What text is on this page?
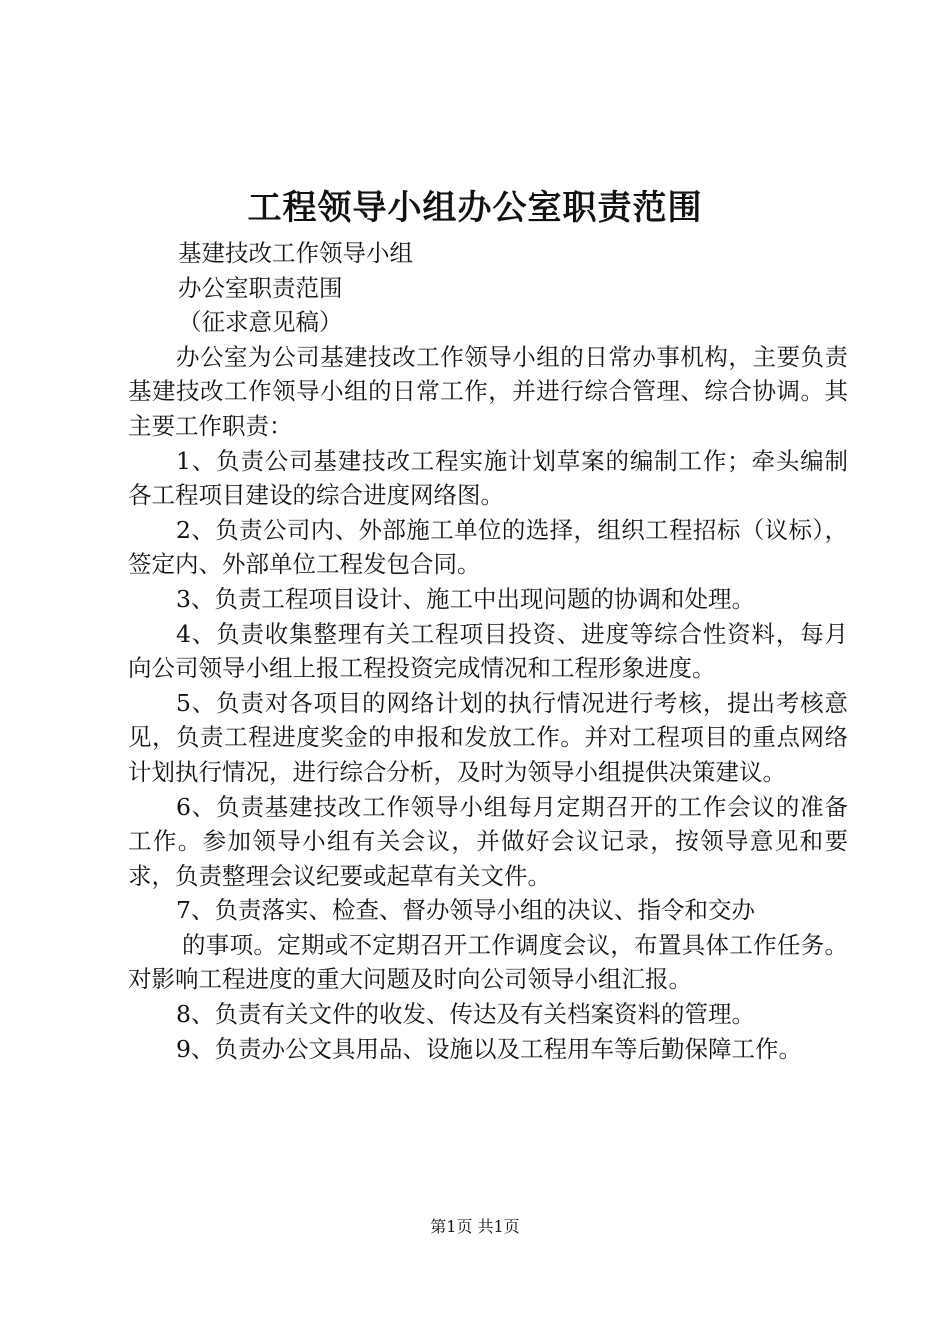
工程领导小组办公室职责范围

基建技改工作领导小组

办公室职责范围

（征求意见稿）

办公室为公司基建技改工作领导小组的日常办事机构，主要负责基建技改工作领导小组的日常工作，并进行综合管理、综合协调。其主要工作职责：

1、负责公司基建技改工程实施计划草案的编制工作；牵头编制各工程项目建设的综合进度网络图。

2、负责公司内、外部施工单位的选择，组织工程招标（议标），签定内、外部单位工程发包合同。

3、负责工程项目设计、施工中出现问题的协调和处理。

4、负责收集整理有关工程项目投资、进度等综合性资料，每月向公司领导小组上报工程投资完成情况和工程形象进度。

5、负责对各项目的网络计划的执行情况进行考核，提出考核意见，负责工程进度奖金的申报和发放工作。并对工程项目的重点网络计划执行情况，进行综合分析，及时为领导小组提供决策建议。

6、负责基建技改工作领导小组每月定期召开的工作会议的准备工作。参加领导小组有关会议，并做好会议记录，按领导意见和要求，负责整理会议纪要或起草有关文件。

7、负责落实、检查、督办领导小组的决议、指令和交办

的事项。定期或不定期召开工作调度会议，布置具体工作任务。对影响工程进度的重大问题及时向公司领导小组汇报。

8、负责有关文件的收发、传达及有关档案资料的管理。

9、负责办公文具用品、设施以及工程用车等后勤保障工作。

第1页 共1页
